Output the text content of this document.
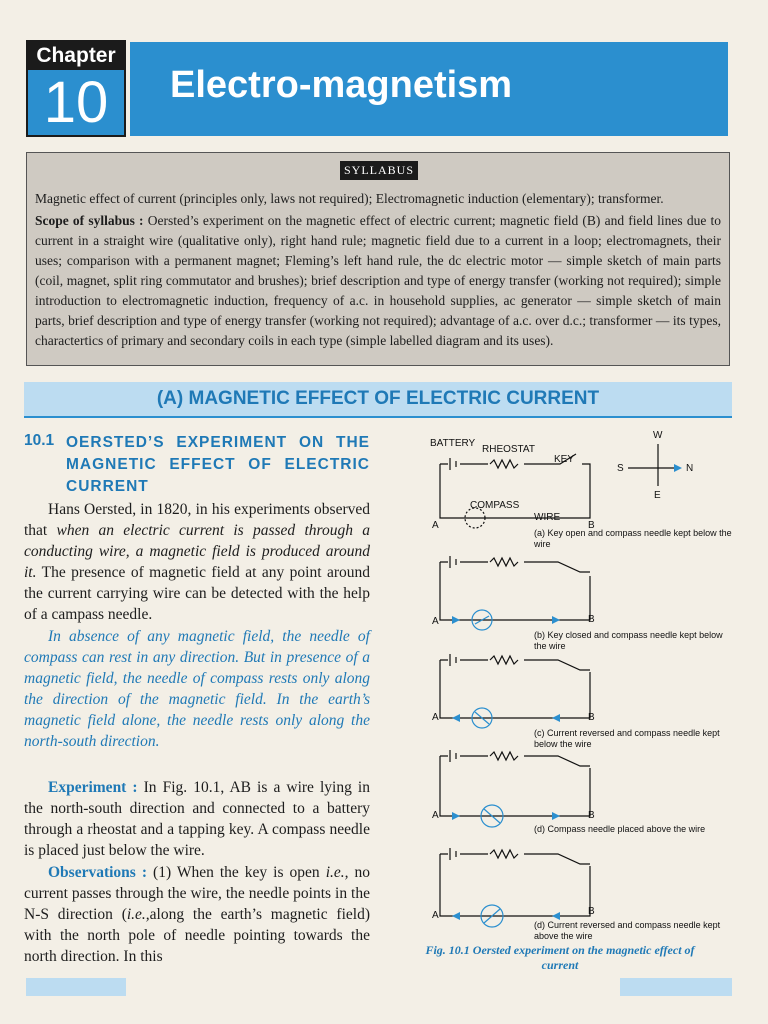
Chapter
10	Electro-magnetism
SYLLABUS
Magnetic effect of current (principles only, laws not required); Electromagnetic induction (elementary); transformer.
Scope of syllabus : Oersted’s experiment on the magnetic effect of electric current; magnetic field (B) and field lines due to current in a straight wire (qualitative only), right hand rule; magnetic field due to a current in a loop; electromagnets, their uses; comparison with a permanent magnet; Fleming’s left hand rule, the dc electric motor — simple sketch of main parts (coil, magnet, split ring commutator and brushes); brief description and type of energy transfer (working not required); simple introduction to electromagnetic induction, frequency of a.c. in household supplies, ac generator — simple sketch of main parts, brief description and type of energy transfer (working not required); advantage of a.c. over d.c.; transformer — its types, charactertics of primary and secondary coils in each type (simple labelled diagram and its uses).
(A) MAGNETIC EFFECT OF ELECTRIC CURRENT
10.1 OERSTED’S EXPERIMENT ON THE MAGNETIC EFFECT OF ELECTRIC CURRENT
Hans Oersted, in 1820, in his experiments observed that when an electric current is passed through a conducting wire, a magnetic field is produced around it. The presence of magnetic field at any point around the current carrying wire can be detected with the help of a campass needle.
In absence of any magnetic field, the needle of compass can rest in any direction. But in presence of a magnetic field, the needle of compass rests only along the direction of the magnetic field. In the earth’s magnetic field alone, the needle rests only along the north-south direction.
Experiment : In Fig. 10.1, AB is a wire lying in the north-south direction and connected to a battery through a rheostat and a tapping key. A compass needle is placed just below the wire.
Observations : (1) When the key is open i.e., no current passes through the wire, the needle points in the N-S direction (i.e.,along the earth’s magnetic field) with the north pole of needle pointing towards the north direction. In this
BATTERY
RHEOSTAT
KEY
COMPASS
WIRE
W
S	N
E
A	B
A	B
A	B
A	B
A	B
(a) Key open and compass needle kept below the wire
(b) Key closed and compass needle kept below the wire
(c) Current reversed and compass needle kept below the wire
(d) Compass needle placed above the wire
(d) Current reversed and compass needle kept above the wire
Fig. 10.1 Oersted experiment on the magnetic effect of current
